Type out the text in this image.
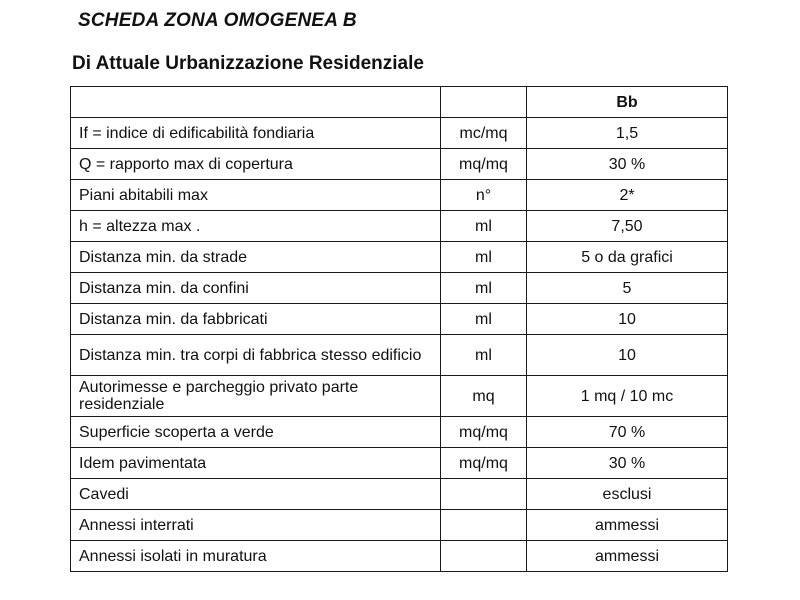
SCHEDA ZONA OMOGENEA B
Di Attuale Urbanizzazione Residenziale
		Bb
If = indice di edificabilità fondiaria	mc/mq	1,5
Q = rapporto max di copertura	mq/mq	30 %
Piani abitabili max	n°	2*
h = altezza max .	ml	7,50
Distanza min. da strade	ml	5 o da grafici
Distanza min. da confini	ml	5
Distanza min. da fabbricati	ml	10
Distanza min. tra corpi di fabbrica stesso edificio	ml	10
Autorimesse e parcheggio privato parte residenziale	mq	1 mq / 10 mc
Superficie scoperta a verde	mq/mq	70 %
Idem pavimentata	mq/mq	30 %
Cavedi		esclusi
Annessi interrati		ammessi
Annessi isolati in muratura		ammessi
